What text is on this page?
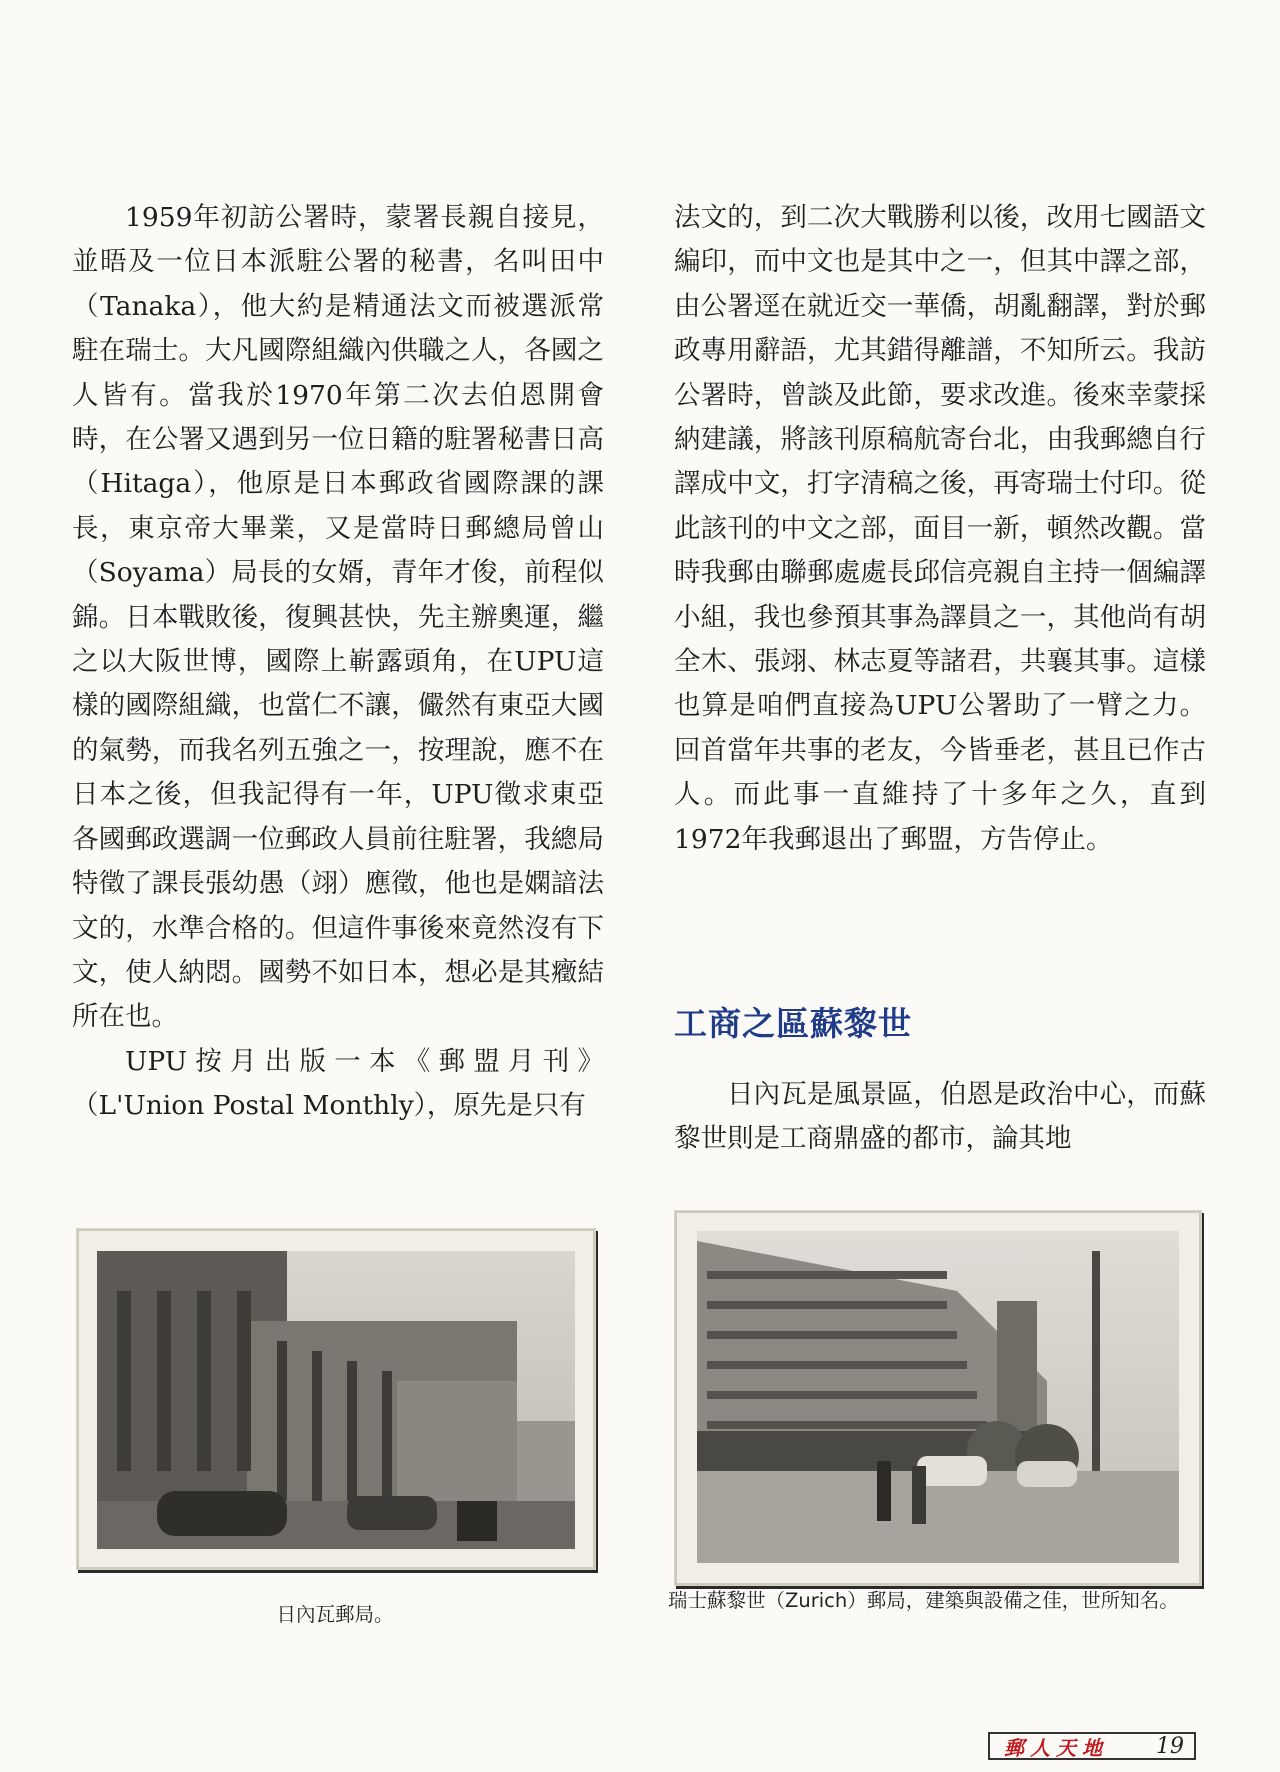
1959年初訪公署時，蒙署長親自接見，並晤及一位日本派駐公署的秘書，名叫田中（Tanaka），他大約是精通法文而被選派常駐在瑞士。大凡國際組織內供職之人，各國之人皆有。當我於1970年第二次去伯恩開會時，在公署又遇到另一位日籍的駐署秘書日高（Hitaga），他原是日本郵政省國際課的課長，東京帝大畢業，又是當時日郵總局曾山（Soyama）局長的女婿，青年才俊，前程似錦。日本戰敗後，復興甚快，先主辦奧運，繼之以大阪世博，國際上嶄露頭角，在UPU這樣的國際組織，也當仁不讓，儼然有東亞大國的氣勢，而我名列五強之一，按理說，應不在日本之後，但我記得有一年，UPU徵求東亞各國郵政選調一位郵政人員前往駐署，我總局特徵了課長張幼愚（翊）應徵，他也是嫻諳法文的，水準合格的。但這件事後來竟然沒有下文，使人納悶。國勢不如日本，想必是其癥結所在也。

UPU按月出版一本《郵盟月刊》（L'Union Postal Monthly），原先是只有

法文的，到二次大戰勝利以後，改用七國語文編印，而中文也是其中之一，但其中譯之部，由公署逕在就近交一華僑，胡亂翻譯，對於郵政專用辭語，尤其錯得離譜，不知所云。我訪公署時，曾談及此節，要求改進。後來幸蒙採納建議，將該刊原稿航寄台北，由我郵總自行譯成中文，打字清稿之後，再寄瑞士付印。從此該刊的中文之部，面目一新，頓然改觀。當時我郵由聯郵處處長邱信亮親自主持一個編譯小組，我也參預其事為譯員之一，其他尚有胡全木、張翊、林志夏等諸君，共襄其事。這樣也算是咱們直接為UPU公署助了一臂之力。回首當年共事的老友，今皆垂老，甚且已作古人。而此事一直維持了十多年之久，直到1972年我郵退出了郵盟，方告停止。

工商之區蘇黎世

日內瓦是風景區，伯恩是政治中心，而蘇黎世則是工商鼎盛的都市，論其地

日內瓦郵局。
瑞士蘇黎世（Zurich）郵局，建築與設備之佳，世所知名。
郵人天地 19
